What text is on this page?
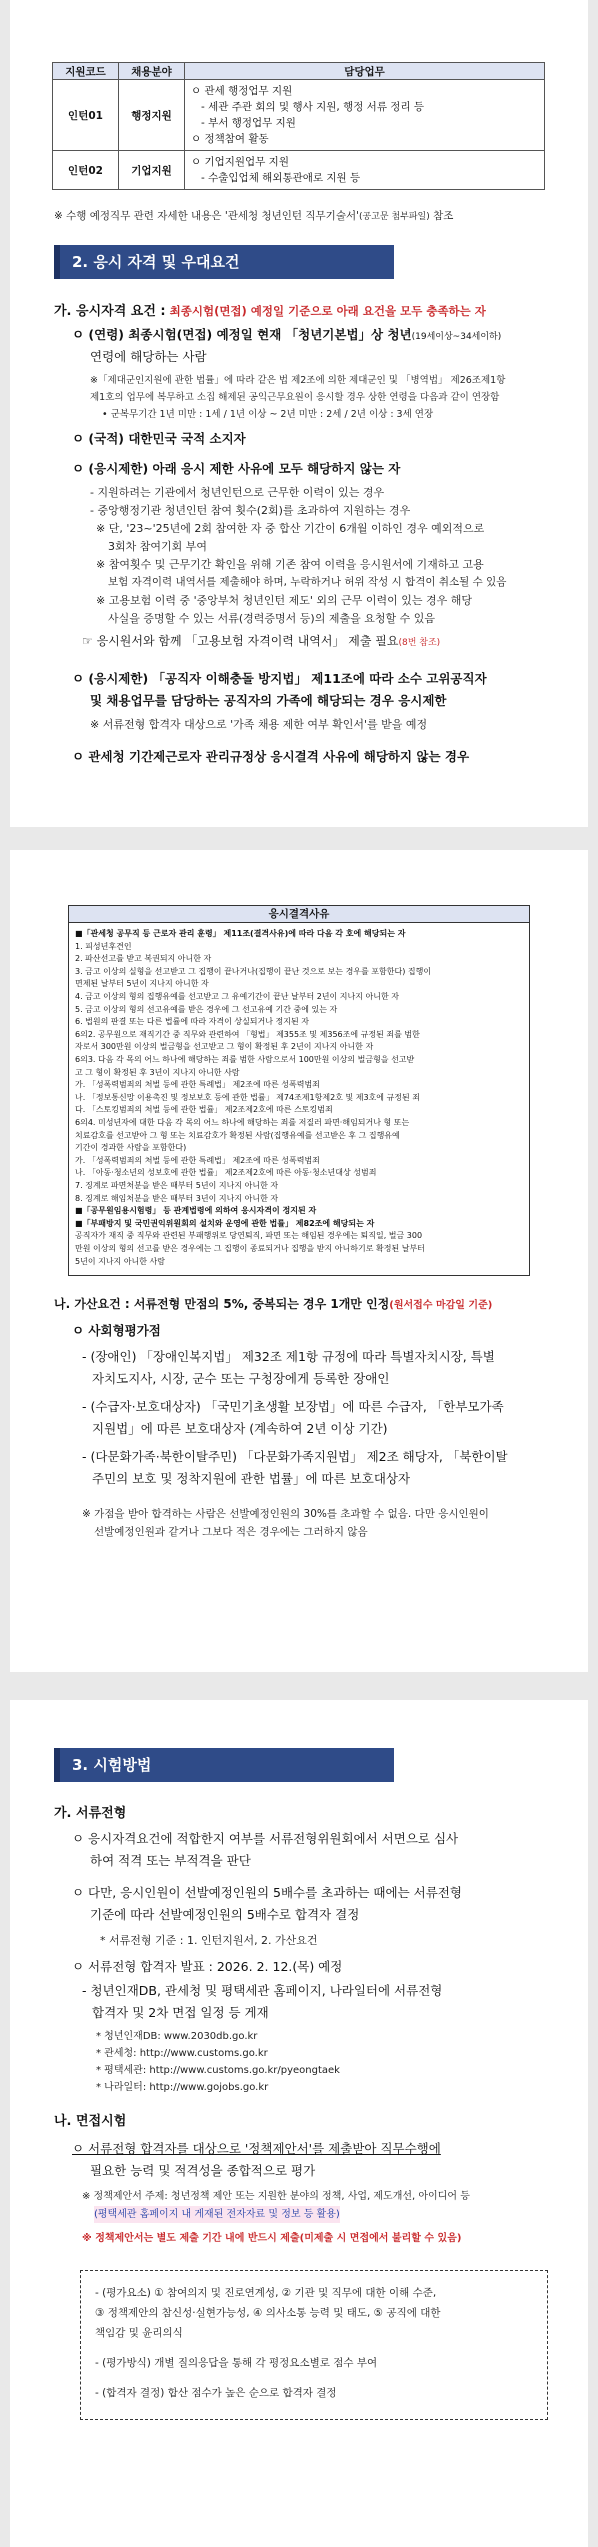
지원코드	채용분야	담당업무
인턴01	행정지원	ㅇ 관세 행정업무 지원
- 세관 주관 회의 및 행사 지원, 행정 서류 정리 등
- 부서 행정업무 지원
ㅇ 정책참여 활동

인턴02	기업지원	ㅇ 기업지원업무 지원
- 수출입업체 해외통관애로 지원 등
※ 수행 예정직무 관련 자세한 내용은 '관세청 청년인턴 직무기술서'(공고문 첨부파일) 참조
2. 응시 자격 및 우대요건
가. 응시자격 요건 : 최종시험(면접) 예정일 기준으로 아래 요건을 모두 충족하는 자
ㅇ (연령) 최종시험(면접) 예정일 현재 「청년기본법」상 청년(19세이상~34세이하)
연령에 해당하는 사람
※「제대군인지원에 관한 법률」에 따라 같은 법 제2조에 의한 제대군인 및 「병역법」 제26조제1항
제1호의 업무에 복무하고 소집 해제된 공익근무요원이 응시할 경우 상한 연령을 다음과 같이 연장함
• 군복무기간 1년 미만 : 1세 / 1년 이상 ~ 2년 미만 : 2세 / 2년 이상 : 3세 연장
ㅇ (국적) 대한민국 국적 소지자
ㅇ (응시제한) 아래 응시 제한 사유에 모두 해당하지 않는 자
- 지원하려는 기관에서 청년인턴으로 근무한 이력이 있는 경우
- 중앙행정기관 청년인턴 참여 횟수(2회)를 초과하여 지원하는 경우
※ 단, '23~'25년에 2회 참여한 자 중 합산 기간이 6개월 이하인 경우 예외적으로
3회차 참여기회 부여
※ 참여횟수 및 근무기간 확인을 위해 기존 참여 이력을 응시원서에 기재하고 고용
보험 자격이력 내역서를 제출해야 하며, 누락하거나 허위 작성 시 합격이 취소될 수 있음
※ 고용보험 이력 중 '중앙부처 청년인턴 제도' 외의 근무 이력이 있는 경우 해당
사실을 증명할 수 있는 서류(경력증명서 등)의 제출을 요청할 수 있음
☞ 응시원서와 함께 「고용보험 자격이력 내역서」 제출 필요(8번 참조)
ㅇ (응시제한) 「공직자 이해충돌 방지법」 제11조에 따라 소수 고위공직자
및 채용업무를 담당하는 공직자의 가족에 해당되는 경우 응시제한
※ 서류전형 합격자 대상으로 '가족 채용 제한 여부 확인서'를 받을 예정
ㅇ 관세청 기간제근로자 관리규정상 응시결격 사유에 해당하지 않는 경우
응시결격사유
■「관세청 공무직 등 근로자 관리 훈령」 제11조(결격사유)에 따라 다음 각 호에 해당되는 자
1. 피성년후견인
2. 파산선고를 받고 복권되지 아니한 자
3. 금고 이상의 실형을 선고받고 그 집행이 끝나거나(집행이 끝난 것으로 보는 경우를 포함한다) 집행이
면제된 날부터 5년이 지나지 아니한 자
4. 금고 이상의 형의 집행유예를 선고받고 그 유예기간이 끝난 날부터 2년이 지나지 아니한 자
5. 금고 이상의 형의 선고유예를 받은 경우에 그 선고유예 기간 중에 있는 자
6. 법원의 판결 또는 다른 법률에 따라 자격이 상실되거나 정지된 자
6의2. 공무원으로 재직기간 중 직무와 관련하여 「형법」 제355조 및 제356조에 규정된 죄를 범한
자로서 300만원 이상의 벌금형을 선고받고 그 형이 확정된 후 2년이 지나지 아니한 자
6의3. 다음 각 목의 어느 하나에 해당하는 죄를 범한 사람으로서 100만원 이상의 벌금형을 선고받
고 그 형이 확정된 후 3년이 지나지 아니한 사람
가. 「성폭력범죄의 처벌 등에 관한 특례법」 제2조에 따른 성폭력범죄
나. 「정보통신망 이용촉진 및 정보보호 등에 관한 법률」 제74조제1항제2호 및 제3호에 규정된 죄
다. 「스토킹범죄의 처벌 등에 관한 법률」 제2조제2호에 따른 스토킹범죄
6의4. 미성년자에 대한 다음 각 목의 어느 하나에 해당하는 죄를 저질러 파면·해임되거나 형 또는
치료감호를 선고받아 그 형 또는 치료감호가 확정된 사람(집행유예를 선고받은 후 그 집행유예
기간이 경과한 사람을 포함한다)
가. 「성폭력범죄의 처벌 등에 관한 특례법」 제2조에 따른 성폭력범죄
나. 「아동·청소년의 성보호에 관한 법률」 제2조제2호에 따른 아동·청소년대상 성범죄
7. 징계로 파면처분을 받은 때부터 5년이 지나지 아니한 자
8. 징계로 해임처분을 받은 때부터 3년이 지나지 아니한 자
■「공무원임용시험령」 등 관계법령에 의하여 응시자격이 정지된 자
■「부패방지 및 국민권익위원회의 설치와 운영에 관한 법률」 제82조에 해당되는 자
공직자가 재직 중 직무와 관련된 부패행위로 당연퇴직, 파면 또는 해임된 경우에는 퇴직일, 벌금 300
만원 이상의 형의 선고를 받은 경우에는 그 집행이 종료되거나 집행을 받지 아니하기로 확정된 날부터
5년이 지나지 아니한 사람
나. 가산요건 : 서류전형 만점의 5%, 중복되는 경우 1개만 인정(원서접수 마감일 기준)
ㅇ 사회형평가점
- (장애인) 「장애인복지법」 제32조 제1항 규정에 따라 특별자치시장, 특별
자치도지사, 시장, 군수 또는 구청장에게 등록한 장애인
- (수급자·보호대상자) 「국민기초생활 보장법」에 따른 수급자, 「한부모가족
지원법」에 따른 보호대상자 (계속하여 2년 이상 기간)
- (다문화가족·북한이탈주민) 「다문화가족지원법」 제2조 해당자, 「북한이탈
주민의 보호 및 정착지원에 관한 법률」에 따른 보호대상자
※ 가점을 받아 합격하는 사람은 선발예정인원의 30%를 초과할 수 없음. 다만 응시인원이
선발예정인원과 같거나 그보다 적은 경우에는 그러하지 않음
3. 시험방법
가. 서류전형
ㅇ 응시자격요건에 적합한지 여부를 서류전형위원회에서 서면으로 심사
하여 적격 또는 부적격을 판단
ㅇ 다만, 응시인원이 선발예정인원의 5배수를 초과하는 때에는 서류전형
기준에 따라 선발예정인원의 5배수로 합격자 결정
* 서류전형 기준 : 1. 인턴지원서, 2. 가산요건
ㅇ 서류전형 합격자 발표 : 2026. 2. 12.(목) 예정
- 청년인재DB, 관세청 및 평택세관 홈페이지, 나라일터에 서류전형
합격자 및 2차 면접 일정 등 게재
* 청년인재DB: www.2030db.go.kr
* 관세청: http://www.customs.go.kr
* 평택세관: http://www.customs.go.kr/pyeongtaek
* 나라일터: http://www.gojobs.go.kr
나. 면접시험
ㅇ 서류전형 합격자를 대상으로 '정책제안서'를 제출받아 직무수행에
필요한 능력 및 적격성을 종합적으로 평가
※ 정책제안서 주제: 청년정책 제안 또는 지원한 분야의 정책, 사업, 제도개선, 아이디어 등
(평택세관 홈페이지 내 게재된 전자자료 및 정보 등 활용)
※ 정책제안서는 별도 제출 기간 내에 반드시 제출(미제출 시 면접에서 불리할 수 있음)
- (평가요소) ① 참여의지 및 진로연계성, ② 기관 및 직무에 대한 이해 수준,
③ 정책제안의 참신성·실현가능성, ④ 의사소통 능력 및 태도, ⑤ 공직에 대한
책임감 및 윤리의식
- (평가방식) 개별 질의응답을 통해 각 평정요소별로 점수 부여
- (합격자 결정) 합산 점수가 높은 순으로 합격자 결정
